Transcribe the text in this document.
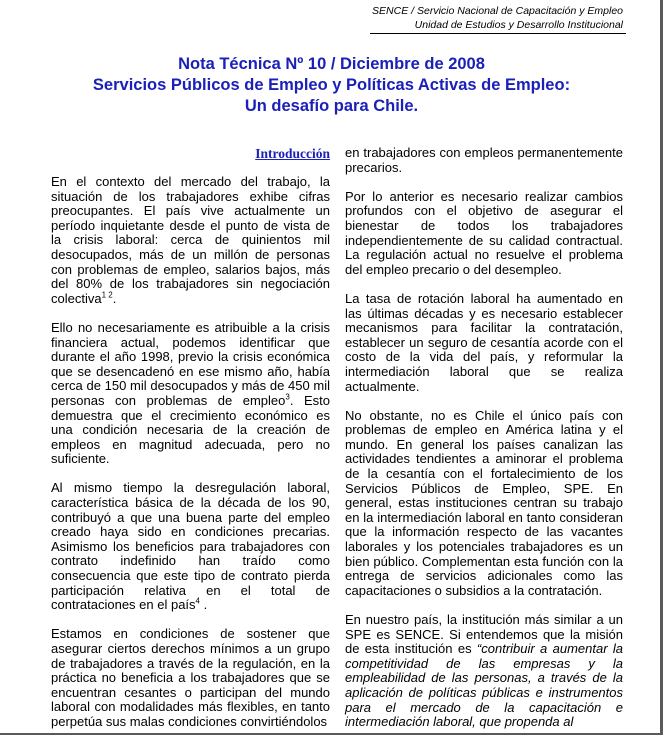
SENCE / Servicio Nacional de Capacitación y Empleo
Unidad de Estudios y Desarrollo Institucional
Nota Técnica Nº 10 / Diciembre de 2008
Servicios Públicos de Empleo y Políticas Activas de Empleo:
Un desafío para Chile.

Introducción

En el contexto del mercado del trabajo, la situación de los trabajadores exhibe cifras preocupantes. El país vive actualmente un período inquietante desde el punto de vista de la crisis laboral: cerca de quinientos mil desocupados, más de un millón de personas con problemas de empleo, salarios bajos, más del 80% de los trabajadores sin negociación colectiva$^{1 2}$.

Ello no necesariamente es atribuible a la crisis financiera actual, podemos identificar que durante el año 1998, previo la crisis económica que se desencadenó en ese mismo año, había cerca de 150 mil desocupados y más de 450 mil personas con problemas de empleo$^3$. Esto demuestra que el crecimiento económico es una condición necesaria de la creación de empleos en magnitud adecuada, pero no suficiente.

Al mismo tiempo la desregulación laboral, característica básica de la década de los 90, contribuyó a que una buena parte del empleo creado haya sido en condiciones precarias. Asimismo los beneficios para trabajadores con contrato indefinido han traído como consecuencia que este tipo de contrato pierda participación relativa en el total de contrataciones en el país$^4$ .

Estamos en condiciones de sostener que asegurar ciertos derechos mínimos a un grupo de trabajadores a través de la regulación, en la práctica no beneficia a los trabajadores que se encuentran cesantes o participan del mundo laboral con modalidades más flexibles, en tanto perpetúa sus malas condiciones convirtiéndolos

en trabajadores con empleos permanentemente precarios.

Por lo anterior es necesario realizar cambios profundos con el objetivo de asegurar el bienestar de todos los trabajadores independientemente de su calidad contractual. La regulación actual no resuelve el problema del empleo precario o del desempleo.

La tasa de rotación laboral ha aumentado en las últimas décadas y es necesario establecer mecanismos para facilitar la contratación, establecer un seguro de cesantía acorde con el costo de la vida del país, y reformular la intermediación laboral que se realiza actualmente.

No obstante, no es Chile el único país con problemas de empleo en América latina y el mundo. En general los países canalizan las actividades tendientes a aminorar el problema de la cesantía con el fortalecimiento de los Servicios Públicos de Empleo, SPE. En general, estas instituciones centran su trabajo en la intermediación laboral en tanto consideran que la información respecto de las vacantes laborales y los potenciales trabajadores es un bien público. Complementan esta función con la entrega de servicios adicionales como las capacitaciones o subsidios a la contratación.

En nuestro país, la institución más similar a un SPE es SENCE. Si entendemos que la misión de esta institución es “contribuir a aumentar la competitividad de las empresas y la empleabilidad de las personas, a través de la aplicación de políticas públicas e instrumentos para el mercado de la capacitación e intermediación laboral, que propenda al
